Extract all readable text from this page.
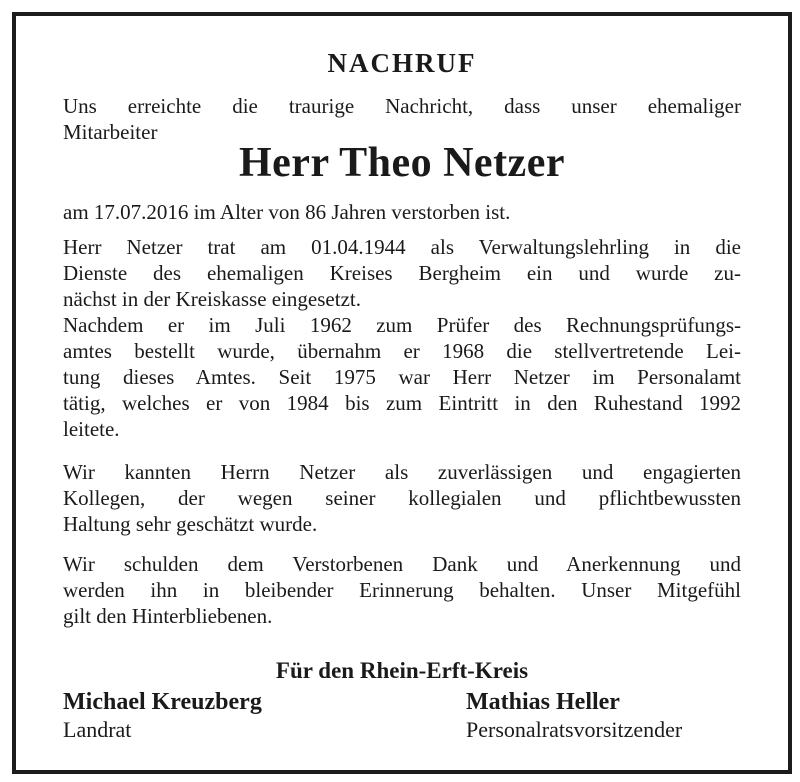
NACHRUF
Uns erreichte die traurige Nachricht, dass unser ehemaliger
Mitarbeiter
Herr Theo Netzer
am 17.07.2016 im Alter von 86 Jahren verstorben ist.
Herr Netzer trat am 01.04.1944 als Verwaltungslehrling in die
Dienste des ehemaligen Kreises Bergheim ein und wurde zu-
nächst in der Kreiskasse eingesetzt.
Nachdem er im Juli 1962 zum Prüfer des Rechnungsprüfungs-
amtes bestellt wurde, übernahm er 1968 die stellvertretende Lei-
tung dieses Amtes. Seit 1975 war Herr Netzer im Personalamt
tätig, welches er von 1984 bis zum Eintritt in den Ruhestand 1992
leitete.
Wir kannten Herrn Netzer als zuverlässigen und engagierten
Kollegen, der wegen seiner kollegialen und pflichtbewussten
Haltung sehr geschätzt wurde.
Wir schulden dem Verstorbenen Dank und Anerkennung und
werden ihn in bleibender Erinnerung behalten. Unser Mitgefühl
gilt den Hinterbliebenen.
Für den Rhein-Erft-Kreis
Michael Kreuzberg
Landrat
Mathias Heller
Personalratsvorsitzender
